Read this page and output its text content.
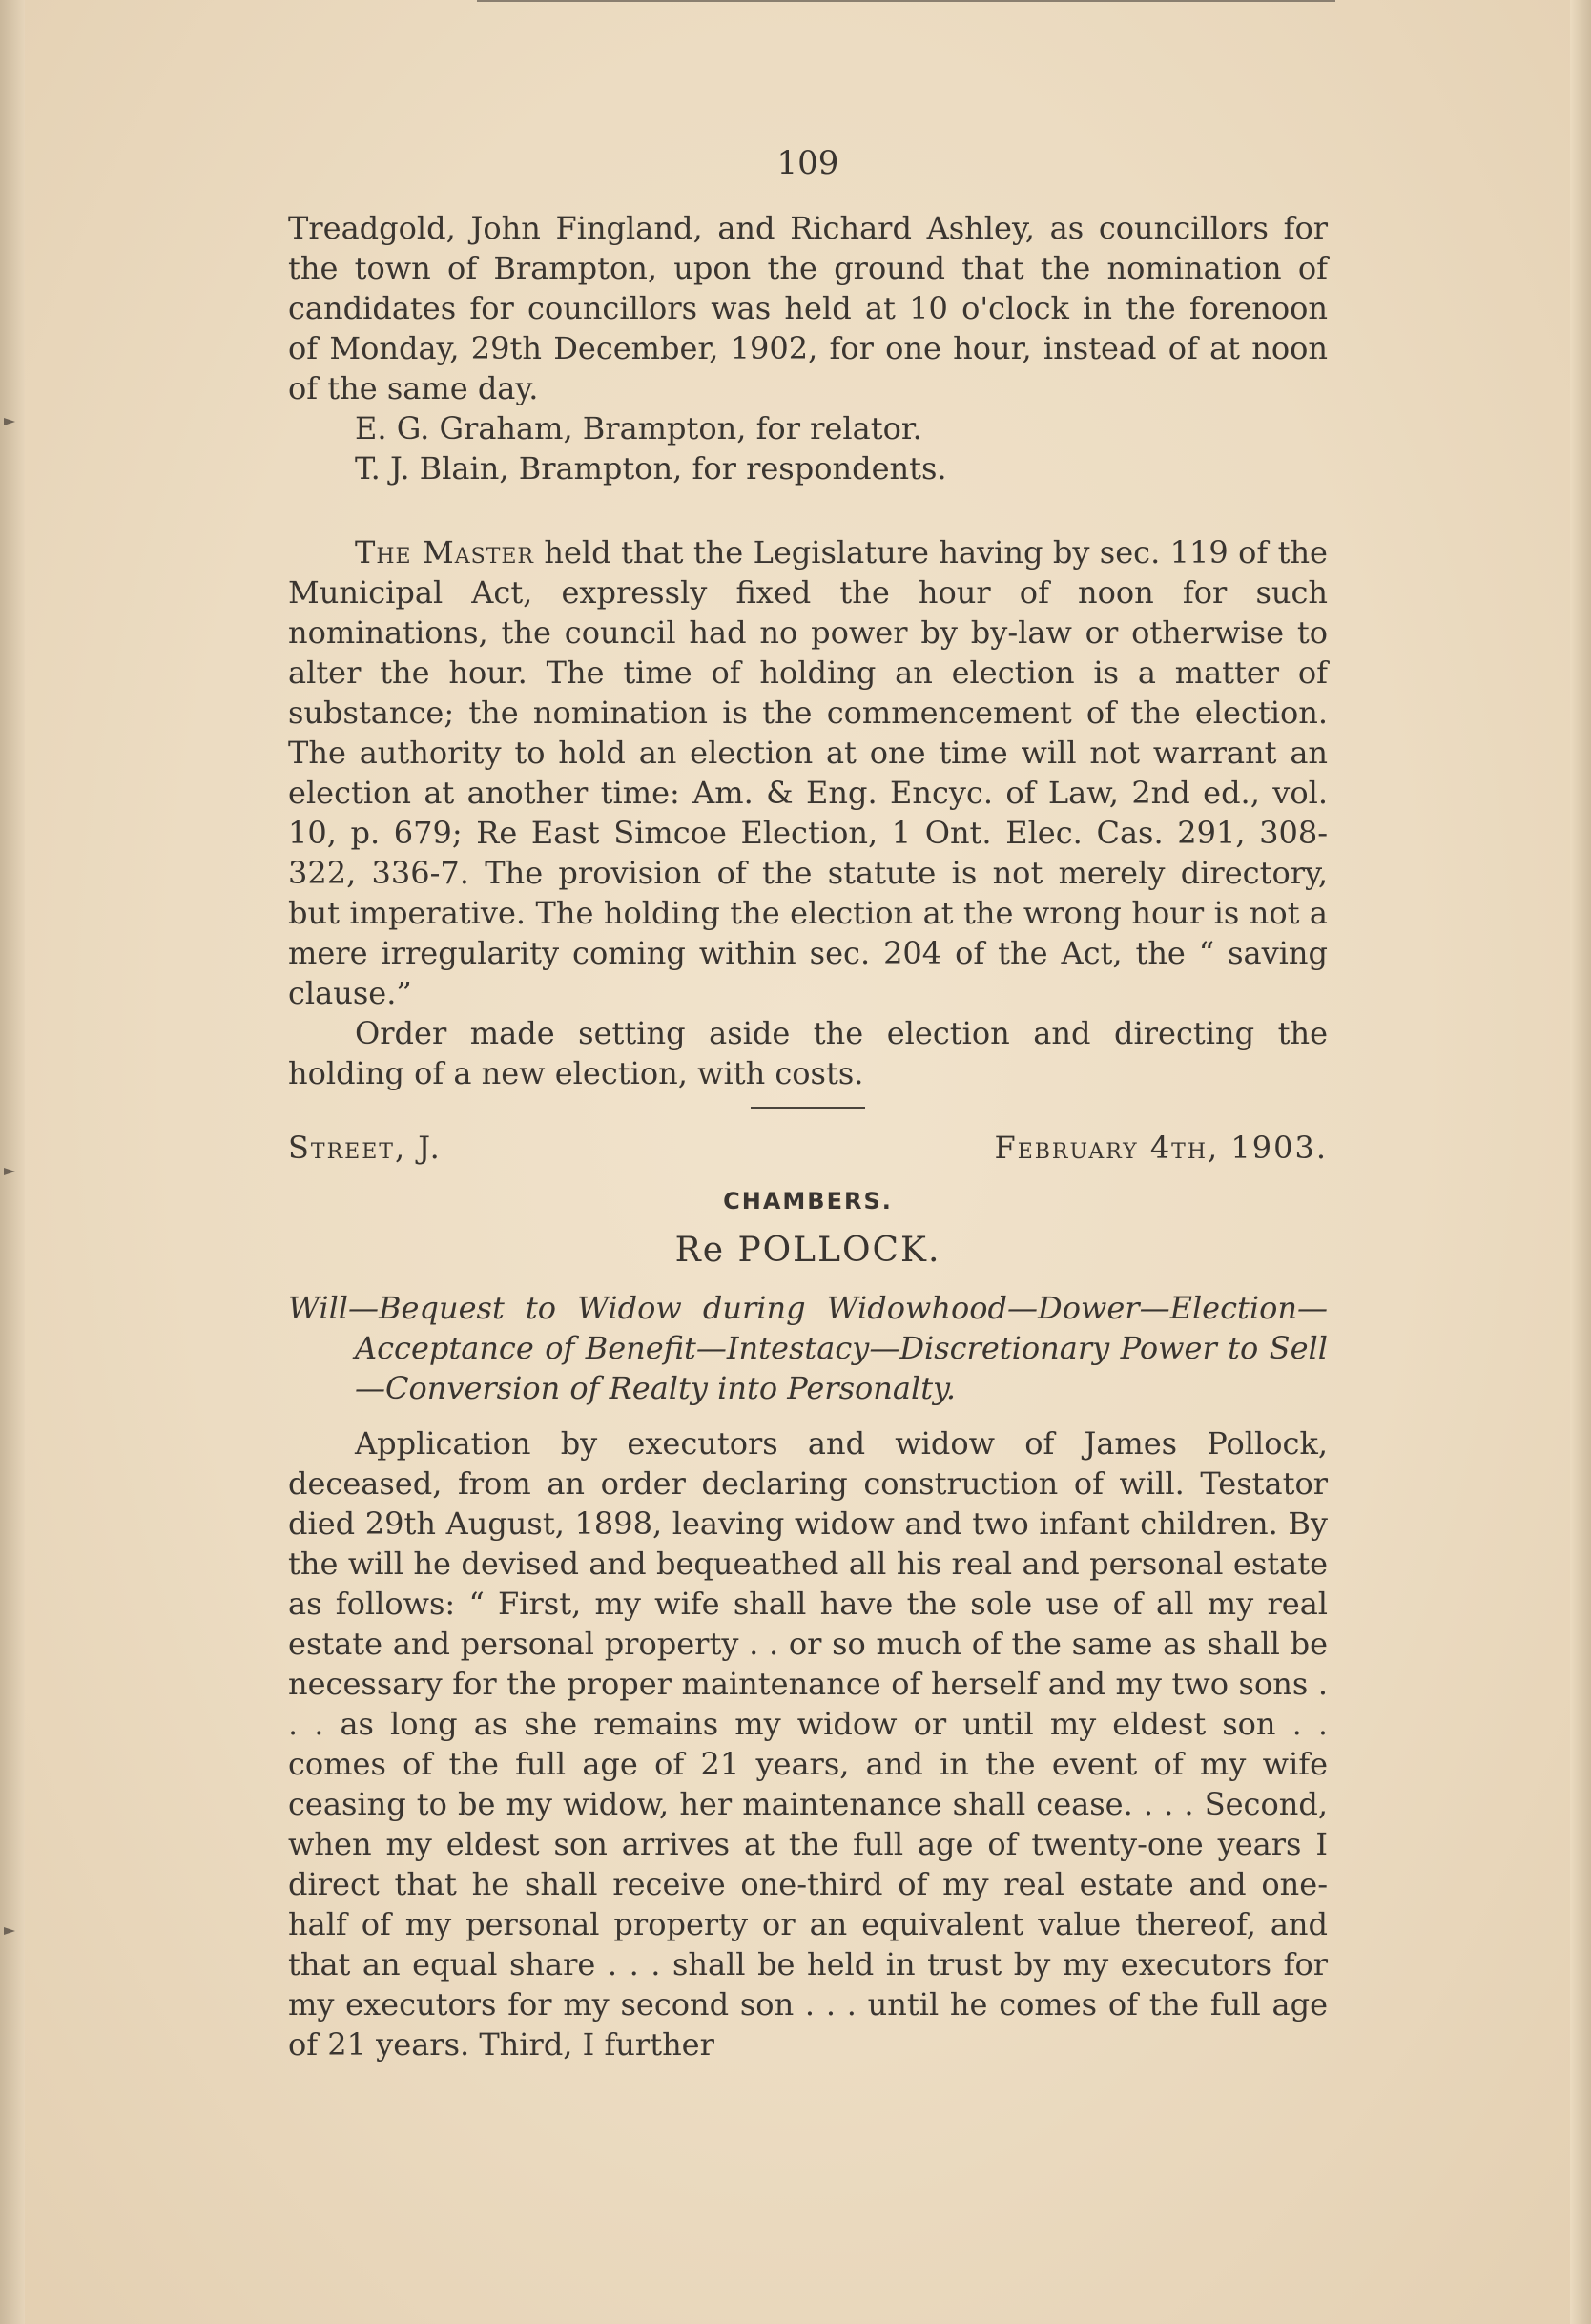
109

Treadgold, John Fingland, and Richard Ashley, as councillors for the town of Brampton, upon the ground that the nomination of candidates for councillors was held at 10 o'clock in the forenoon of Monday, 29th December, 1902, for one hour, instead of at noon of the same day.

E. G. Graham, Brampton, for relator.

T. J. Blain, Brampton, for respondents.

The Master held that the Legislature having by sec. 119 of the Municipal Act, expressly fixed the hour of noon for such nominations, the council had no power by by-law or otherwise to alter the hour. The time of holding an election is a matter of substance; the nomination is the commencement of the election. The authority to hold an election at one time will not warrant an election at another time: Am. & Eng. Encyc. of Law, 2nd ed., vol. 10, p. 679; Re East Simcoe Election, 1 Ont. Elec. Cas. 291, 308-322, 336-7. The provision of the statute is not merely directory, but imperative. The holding the election at the wrong hour is not a mere irregularity coming within sec. 204 of the Act, the “ saving clause.”

Order made setting aside the election and directing the holding of a new election, with costs.

Street, J.	February 4th, 1903.
CHAMBERS.
Re POLLOCK.

Will—Bequest to Widow during Widowhood—Dower—Election—Acceptance of Benefit—Intestacy—Discretionary Power to Sell—Conversion of Realty into Personalty.

Application by executors and widow of James Pollock, deceased, from an order declaring construction of will. Testator died 29th August, 1898, leaving widow and two infant children. By the will he devised and bequeathed all his real and personal estate as follows: “ First, my wife shall have the sole use of all my real estate and personal property . . or so much of the same as shall be necessary for the proper maintenance of herself and my two sons . . . as long as she remains my widow or until my eldest son . . comes of the full age of 21 years, and in the event of my wife ceasing to be my widow, her maintenance shall cease. . . . Second, when my eldest son arrives at the full age of twenty-one years I direct that he shall receive one-third of my real estate and one-half of my personal property or an equivalent value thereof, and that an equal share . . . shall be held in trust by my executors for my executors for my second son . . . until he comes of the full age of 21 years. Third, I further
